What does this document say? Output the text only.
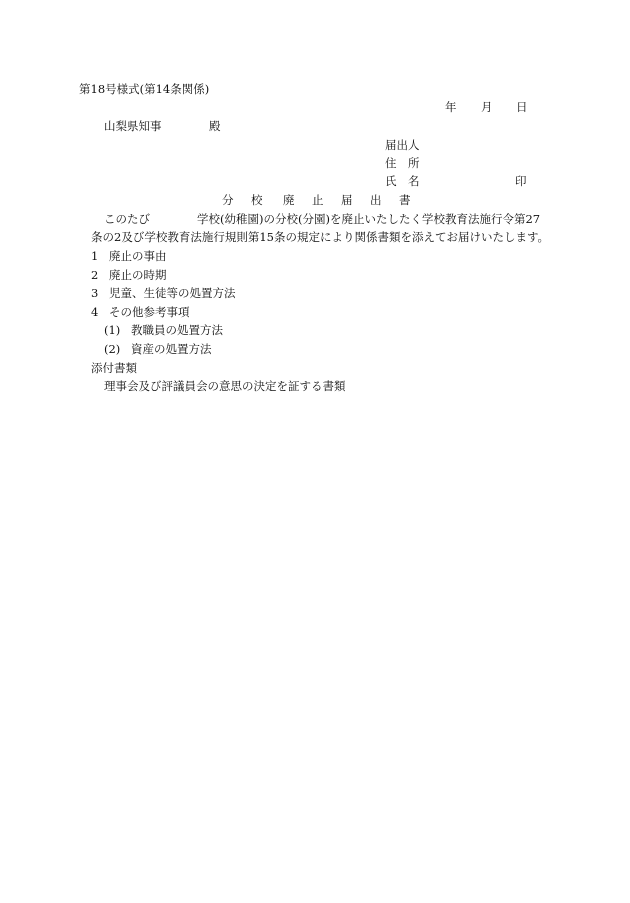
第18号様式(第14条関係)
年 月 日
山梨県知事	殿
届出人
住　所
氏　名	印
分 校 廃 止 届 出 書
このたび	学校(幼稚園)の分校(分園)を廃止いたしたく学校教育法施行令第27
条の2及び学校教育法施行規則第15条の規定により関係書類を添えてお届けいたします。
1 廃止の事由
2 廃止の時期
3 児童、生徒等の処置方法
4 その他参考事項
(1) 教職員の処置方法
(2) 資産の処置方法
添付書類
理事会及び評議員会の意思の決定を証する書類
